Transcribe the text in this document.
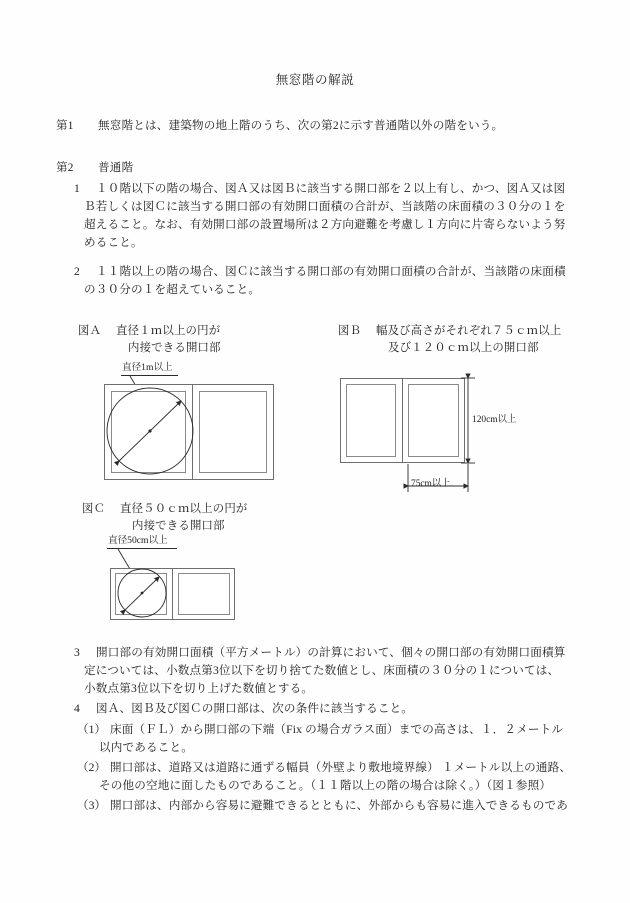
無窓階の解説
第1 無窓階とは、建築物の地上階のうち、次の第2に示す普通階以外の階をいう。
第2 普通階
1 １０階以下の階の場合、図Ａ又は図Ｂに該当する開口部を２以上有し、かつ、図Ａ又は図
Ｂ若しくは図Ｃに該当する開口部の有効開口面積の合計が、当該階の床面積の３０分の１を
超えること。なお、有効開口部の設置場所は２方向避難を考慮し１方向に片寄らないよう努
めること。
2 １１階以上の階の場合、図Ｃに該当する開口部の有効開口面積の合計が、当該階の床面積
の３０分の１を超えていること。
図Ａ 直径１ｍ以上の円が
内接できる開口部
図Ｂ 幅及び高さがそれぞれ７５ｃｍ以上
及び１２０ｃｍ以上の開口部
直径1m以上
120cm以上
75cm以上
図Ｃ 直径５０ｃｍ以上の円が
内接できる開口部
直径50cm以上
3 開口部の有効開口面積（平方メートル）の計算において、個々の開口部の有効開口面積算
定については、小数点第3位以下を切り捨てた数値とし、床面積の３０分の１については、
小数点第3位以下を切り上げた数値とする。
4 図Ａ、図Ｂ及び図Ｃの開口部は、次の条件に該当すること。
（1） 床面（ＦＬ）から開口部の下端（Fix の場合ガラス面）までの高さは、１．２メートル
以内であること。
（2） 開口部は、道路又は道路に通ずる幅員（外壁より敷地境界線） １メートル以上の通路、
その他の空地に面したものであること。（１１階以上の階の場合は除く。）（図１参照）
（3） 開口部は、内部から容易に避難できるとともに、外部からも容易に進入できるものであ
